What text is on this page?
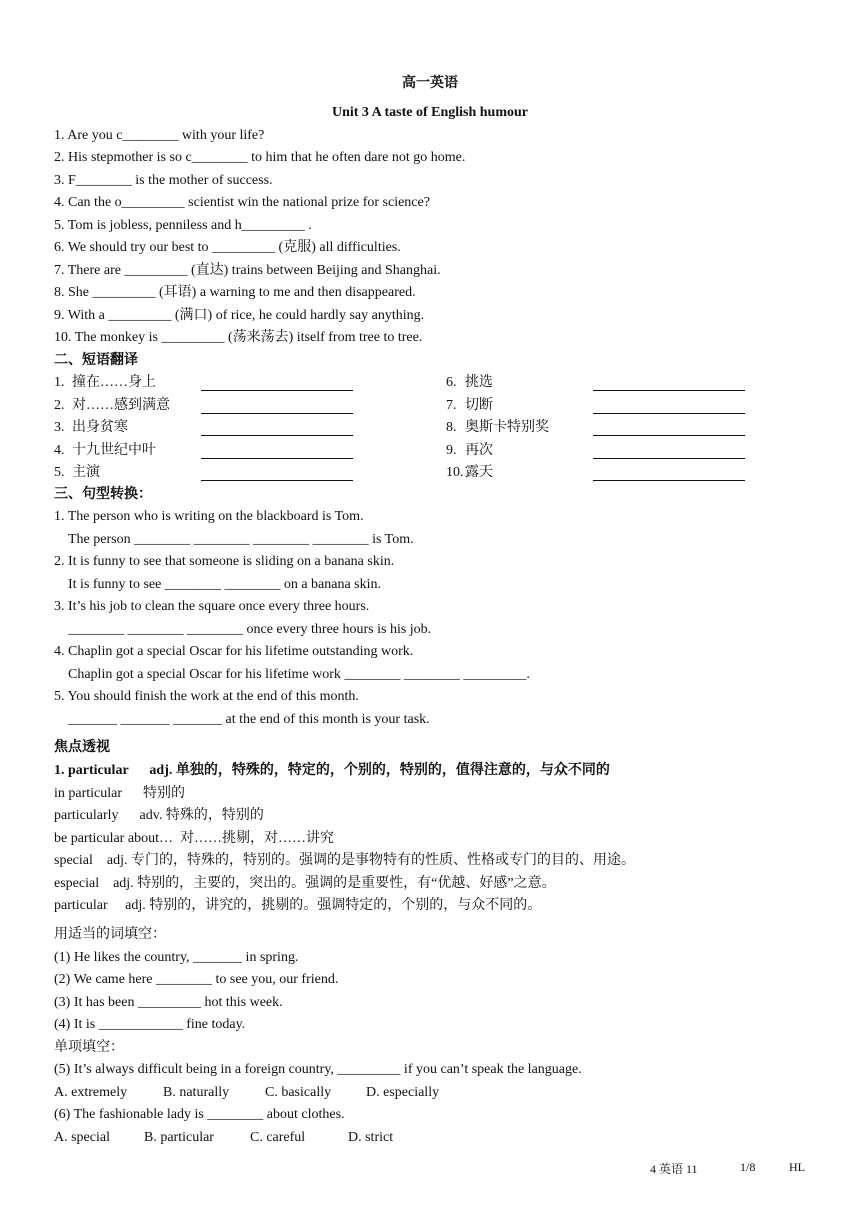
高一英语
Unit 3 A taste of English humour
1. Are you c________ with your life?
2. His stepmother is so c________ to him that he often dare not go home.
3. F________ is the mother of success.
4. Can the o_________ scientist win the national prize for science?
5. Tom is jobless, penniless and h_________ .
6. We should try our best to _________ (克服) all difficulties.
7. There are _________ (直达) trains between Beijing and Shanghai.
8. She _________ (耳语) a warning to me and then disappeared.
9. With a _________ (满口) of rice, he could hardly say anything.
10. The monkey is _________ (荡来荡去) itself from tree to tree.
二、短语翻译
1. 撞在……身上	6. 挑选
2. 对……感到满意	7. 切断
3. 出身贫寒	8. 奥斯卡特别奖
4. 十九世纪中叶	9. 再次
5. 主演	10. 露天
三、句型转换：
1. The person who is writing on the blackboard is Tom.
The person ________ ________ ________ ________ is Tom.
2. It is funny to see that someone is sliding on a banana skin.
It is funny to see ________ ________ on a banana skin.
3. It’s his job to clean the square once every three hours.
________ ________ ________ once every three hours is his job.
4. Chaplin got a special Oscar for his lifetime outstanding work.
Chaplin got a special Oscar for his lifetime work ________ ________ _________.
5. You should finish the work at the end of this month.
_______ _______ _______ at the end of this month is your task.
焦点透视
1. particular      adj. 单独的，特殊的，特定的，个别的，特别的，值得注意的，与众不同的
in particular      特别的
particularly      adv. 特殊的，特别的
be particular about…  对……挑剔，对……讲究
special    adj. 专门的，特殊的，特别的。强调的是事物特有的性质、性格或专门的目的、用途。
especial    adj. 特别的，主要的，突出的。强调的是重要性，有“优越、好感”之意。
particular     adj. 特别的，讲究的，挑剔的。强调特定的，个别的，与众不同的。
用适当的词填空：
(1) He likes the country, _______ in spring.
(2) We came here ________ to see you, our friend.
(3) It has been _________ hot this week.
(4) It is ____________ fine today.
单项填空：
(5) It’s always difficult being in a foreign country, _________ if you can’t speak the language.
A. extremely	B. naturally	C. basically D. especially
(6) The fashionable lady is ________ about clothes.
A. special B. particular	C. careful	D. strict
4 英语 11	1/8	HL
